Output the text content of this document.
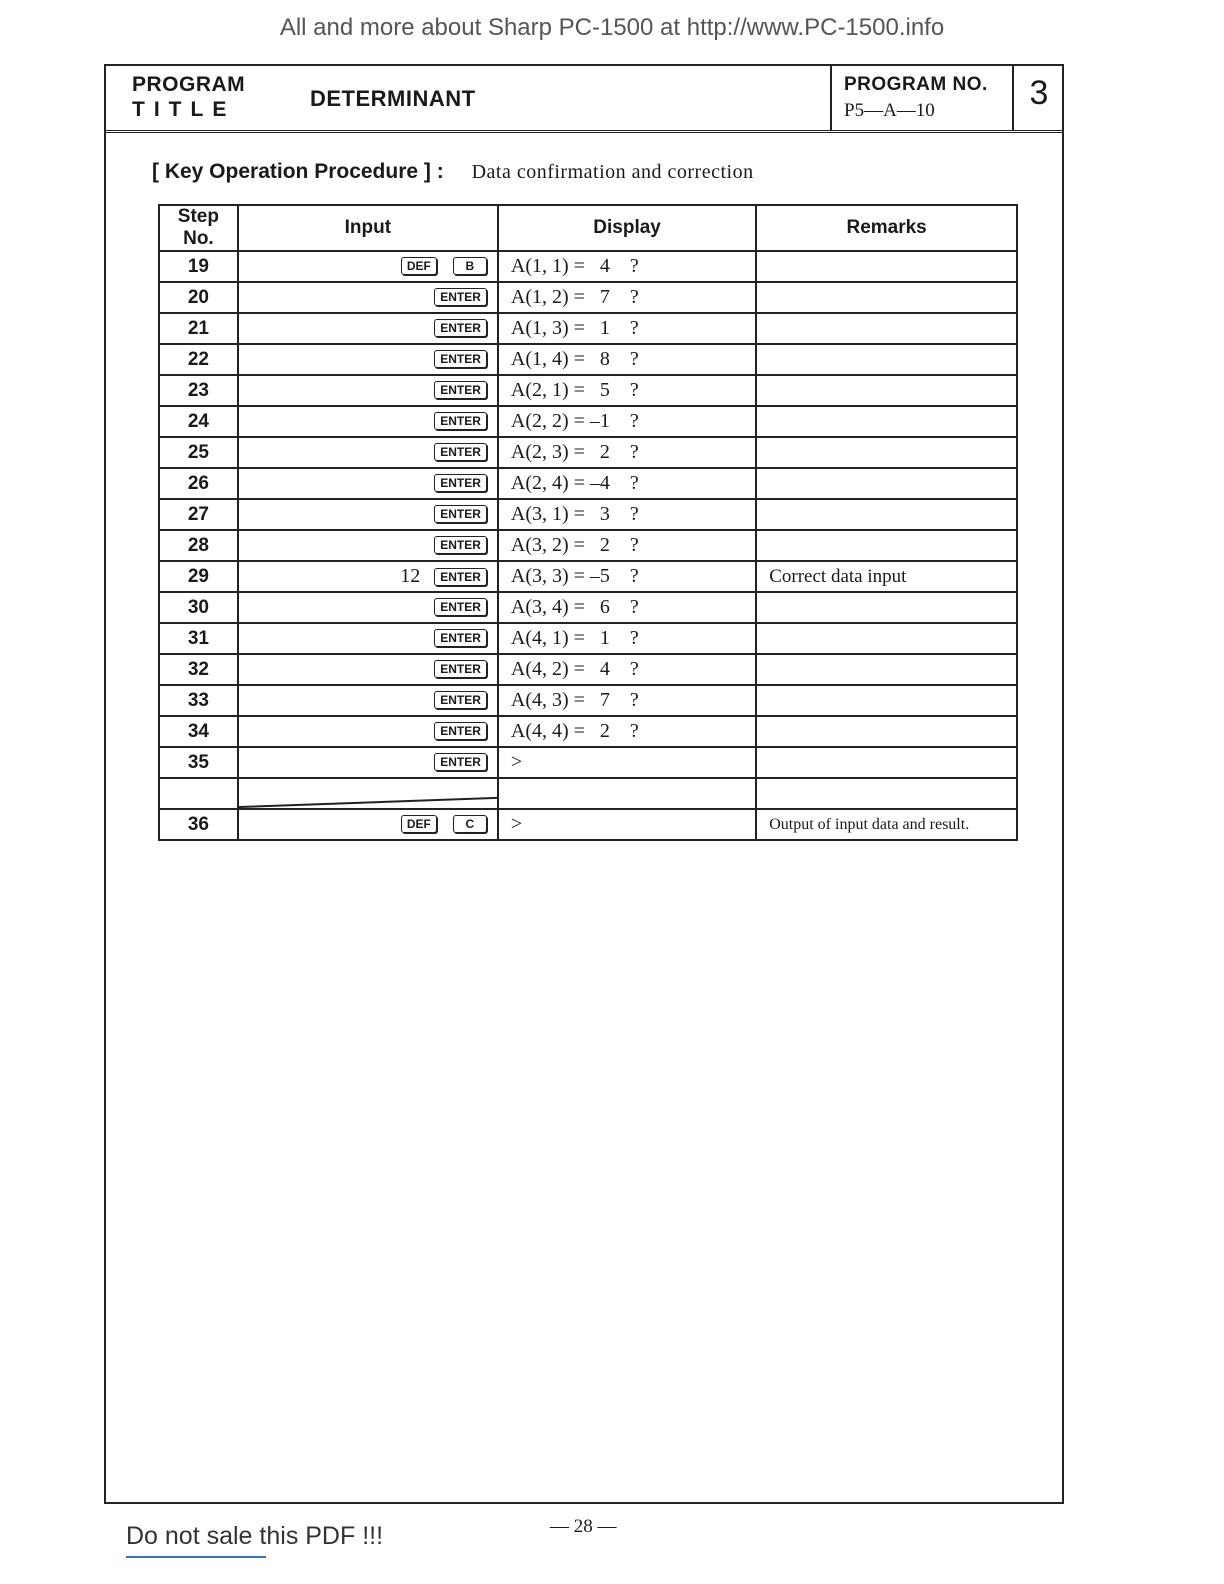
All and more about Sharp PC-1500 at http://www.PC-1500.info
PROGRAM
TITLE	DETERMINANT
PROGRAM NO.
P5—A—10	3
[ Key Operation Procedure ] : Data confirmation and correction
Step No.	Input	Display	Remarks
19	DEF B	A(1, 1) =   4    ?	
20	ENTER	A(1, 2) =   7    ?	
21	ENTER	A(1, 3) =   1    ?	
22	ENTER	A(1, 4) =   8    ?	
23	ENTER	A(2, 1) =   5    ?	
24	ENTER	A(2, 2) = –1    ?	
25	ENTER	A(2, 3) =   2    ?	
26	ENTER	A(2, 4) = –4    ?	
27	ENTER	A(3, 1) =   3    ?	
28	ENTER	A(3, 2) =   2    ?	
29	12 ENTER	A(3, 3) = –5    ?	Correct data input
30	ENTER	A(3, 4) =   6    ?	
31	ENTER	A(4, 1) =   1    ?	
32	ENTER	A(4, 2) =   4    ?	
33	ENTER	A(4, 3) =   7    ?	
34	ENTER	A(4, 4) =   2    ?	
35	ENTER	>	

36	DEF C	>	Output of input data and result.
Do not sale this PDF !!!	— 28 —
